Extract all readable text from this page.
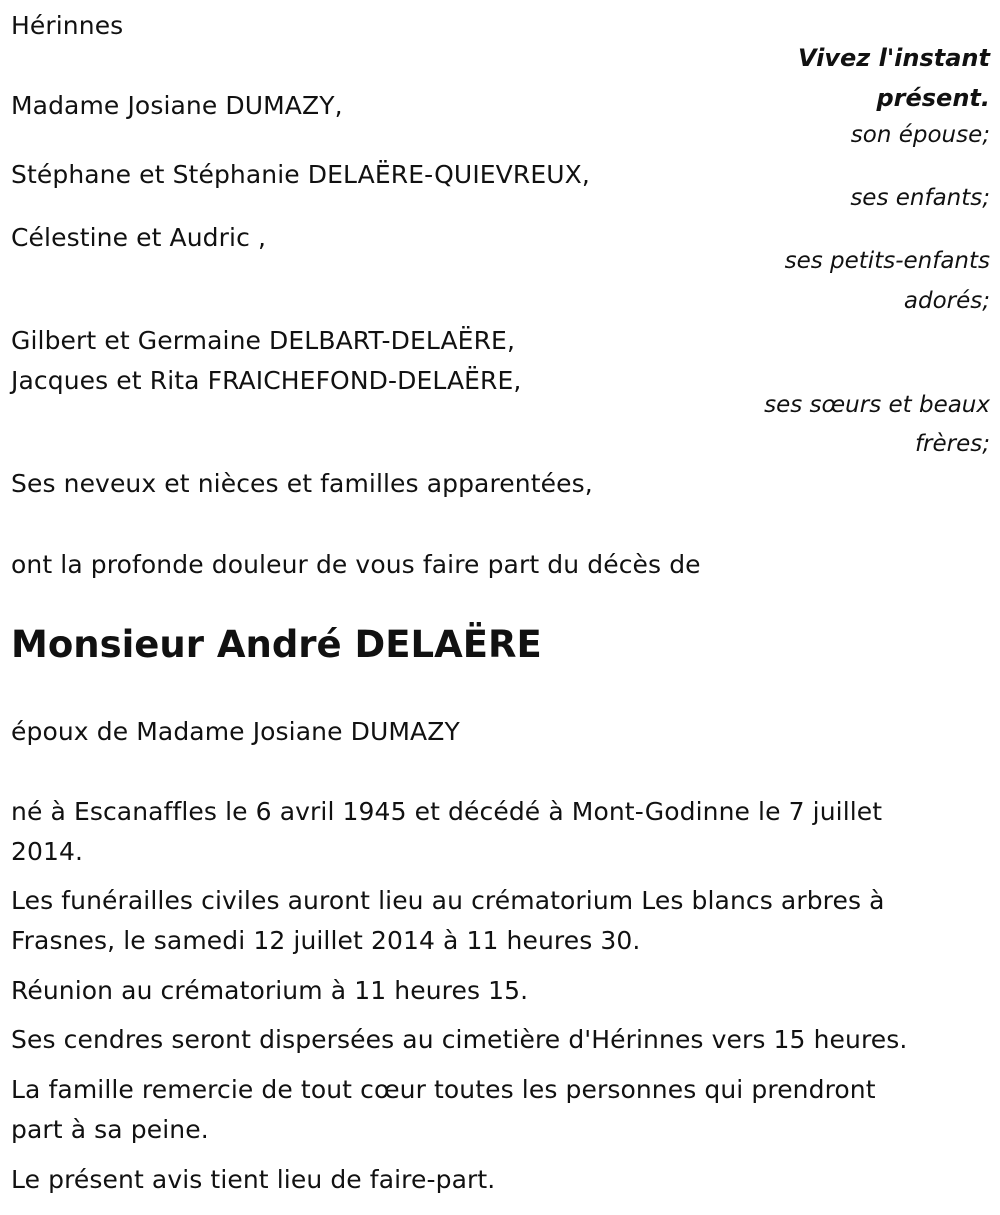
Hérinnes
Vivez l'instant
présent.
Madame Josiane DUMAZY,
son épouse;
Stéphane et Stéphanie DELAËRE-QUIEVREUX,
ses enfants;
Célestine et Audric ,
ses petits-enfants
adorés;
Gilbert et Germaine DELBART-DELAËRE,
Jacques et Rita FRAICHEFOND-DELAËRE,
ses sœurs et beaux
frères;
Ses neveux et nièces et familles apparentées,
ont la profonde douleur de vous faire part du décès de
Monsieur André DELAËRE
époux de Madame Josiane DUMAZY
né à Escanaffles le 6 avril 1945 et décédé à Mont-Godinne le 7 juillet
2014.
Les funérailles civiles auront lieu au crématorium Les blancs arbres à
Frasnes, le samedi 12 juillet 2014 à 11 heures 30.
Réunion au crématorium à 11 heures 15.
Ses cendres seront dispersées au cimetière d'Hérinnes vers 15 heures.
La famille remercie de tout cœur toutes les personnes qui prendront
part à sa peine.
Le présent avis tient lieu de faire-part.
